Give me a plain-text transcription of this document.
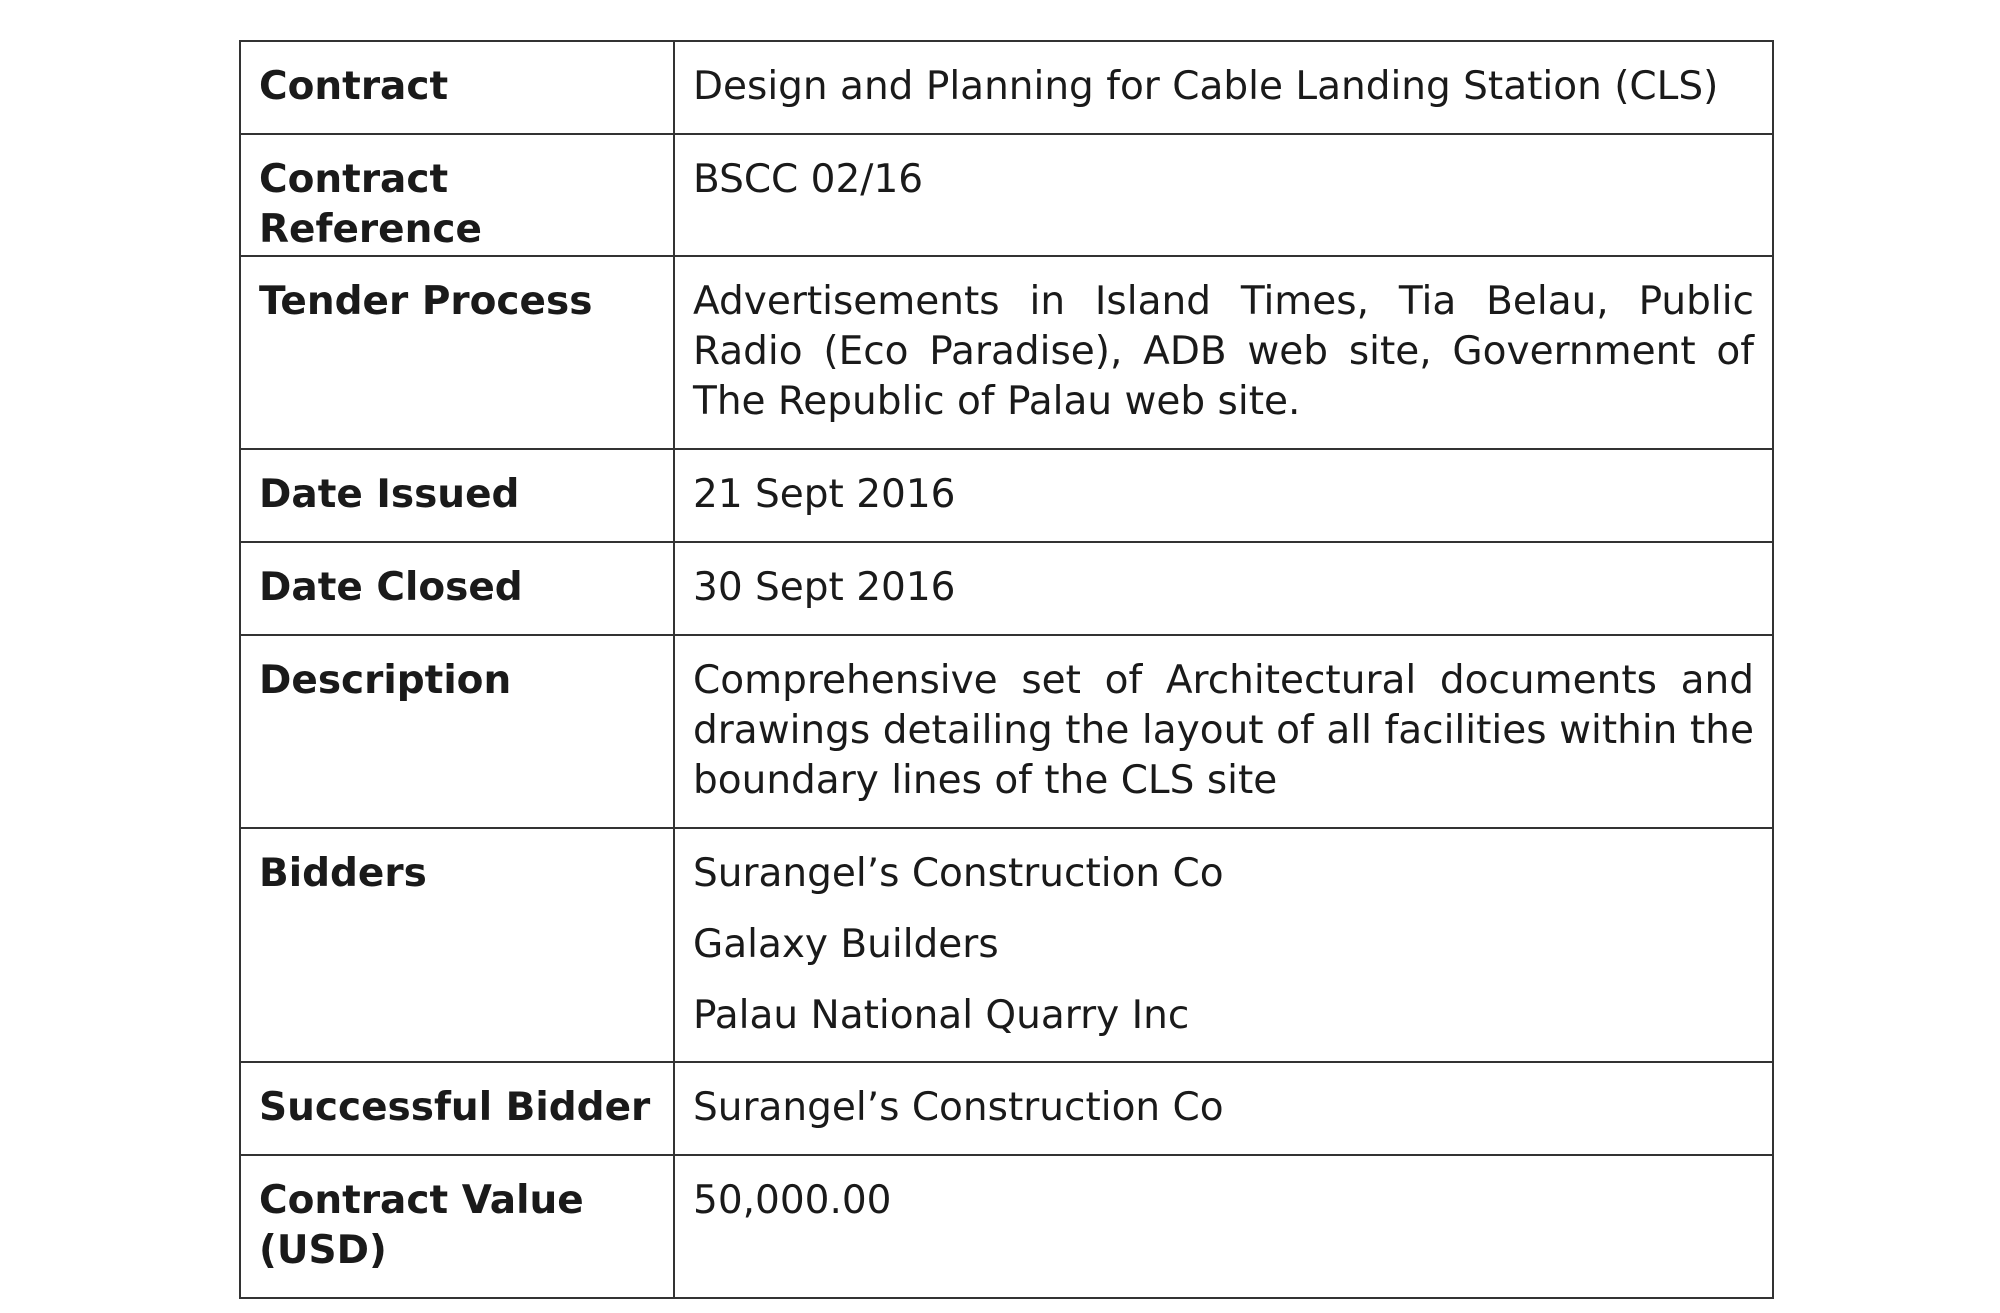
Contract	Design and Planning for Cable Landing Station (CLS)
Contract Reference	BSCC 02/16
Tender Process	Advertisements in Island Times, Tia Belau, Public Radio (Eco Paradise), ADB web site, Government of The Republic of Palau web site.
Date Issued	21 Sept 2016
Date Closed	30 Sept 2016
Description	Comprehensive set of Architectural documents and drawings detailing the layout of all facilities within the boundary lines of the CLS site
Bidders	Surangel’s Construction Co
Galaxy Builders
Palau National Quarry Inc

Successful Bidder	Surangel’s Construction Co

Contract Value
(USD)	50,000.00
